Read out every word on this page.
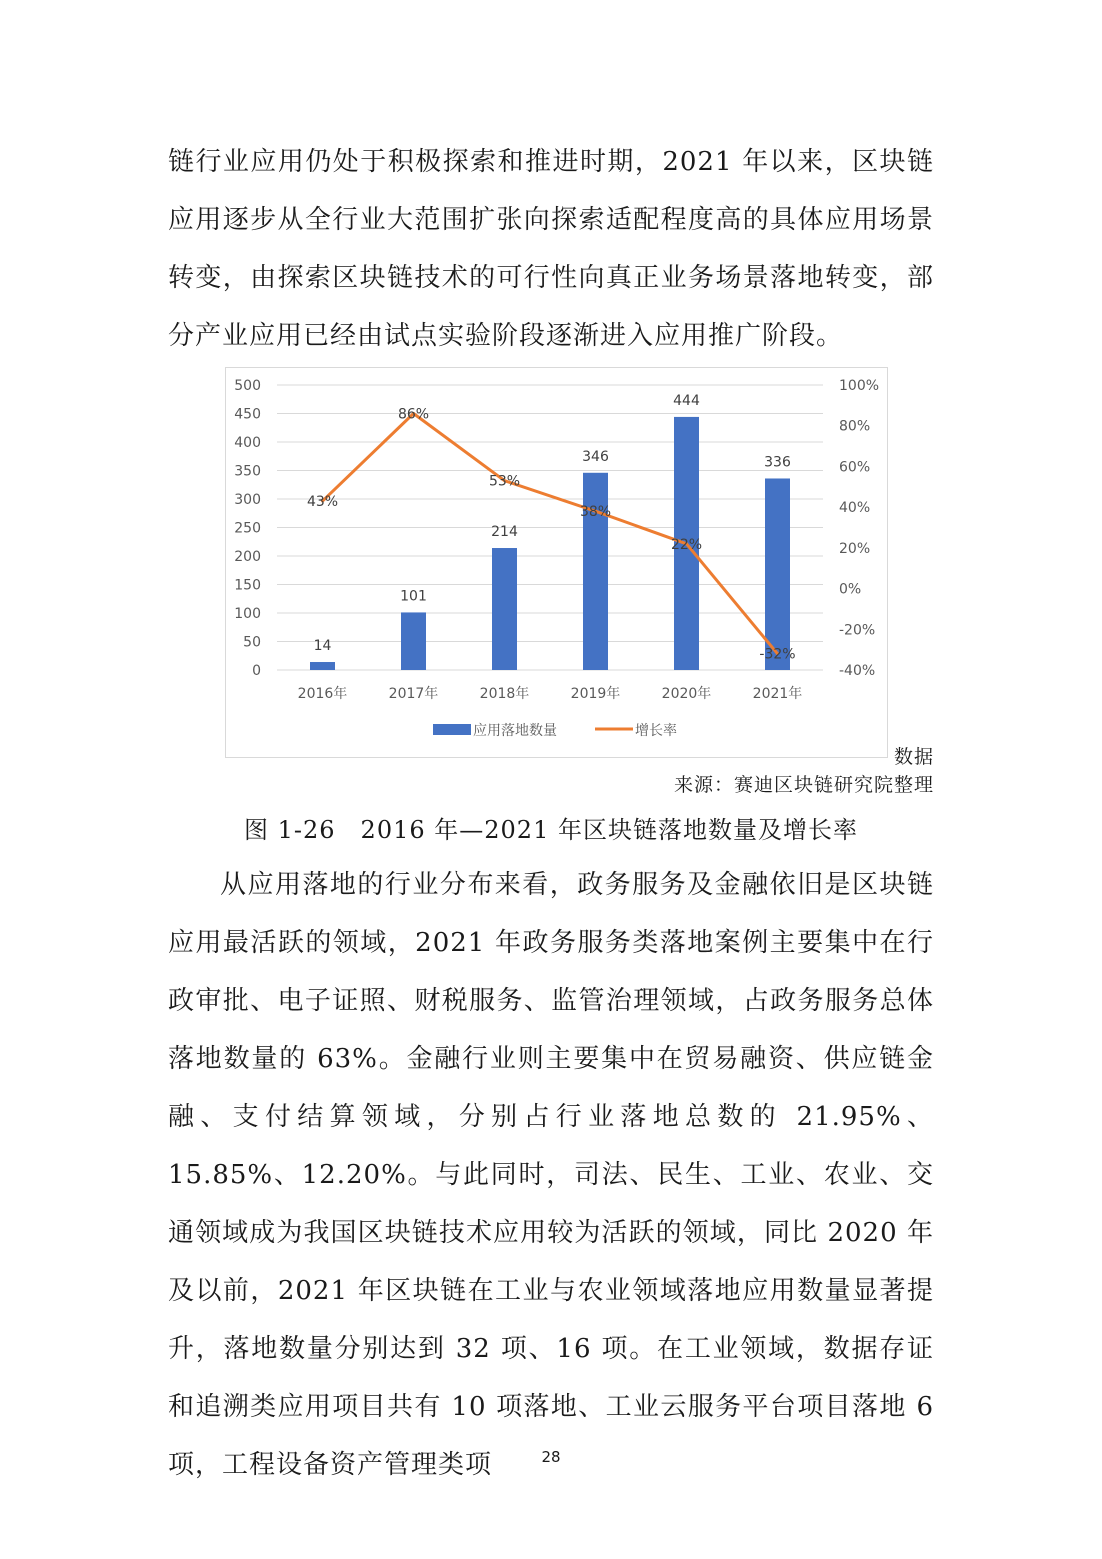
链行业应用仍处于积极探索和推进时期，2021 年以来，区块链应用逐步从全行业大范围扩张向探索适配程度高的具体应用场景转变，由探索区块链技术的可行性向真正业务场景落地转变，部分产业应用已经由试点实验阶段逐渐进入应用推广阶段。

0
50
100
150
200
250
300
350
400
450
500
-40%
-20%
0%
20%
40%
60%
80%
100%
14
101
214
346
444
336
43%
86%
53%
38%
22%
-32%
2016年	2017年	2018年	2019年	2020年	2021年
应用落地数量	增长率
数据
来源：赛迪区块链研究院整理
图 1-26　2016 年—2021 年区块链落地数量及增长率

从应用落地的行业分布来看，政务服务及金融依旧是区块链应用最活跃的领域，2021 年政务服务类落地案例主要集中在行政审批、电子证照、财税服务、监管治理领域，占政务服务总体落地数量的 63%。金融行业则主要集中在贸易融资、供应链金融、支付结算领域，分别占行业落地总数的 21.95%、15.85%、12.20%。与此同时，司法、民生、工业、农业、交通领域成为我国区块链技术应用较为活跃的领域，同比 2020 年及以前，2021 年区块链在工业与农业领域落地应用数量显著提升，落地数量分别达到 32 项、16 项。在工业领域，数据存证和追溯类应用项目共有 10 项落地、工业云服务平台项目落地 6 项，工程设备资产管理类项	28
